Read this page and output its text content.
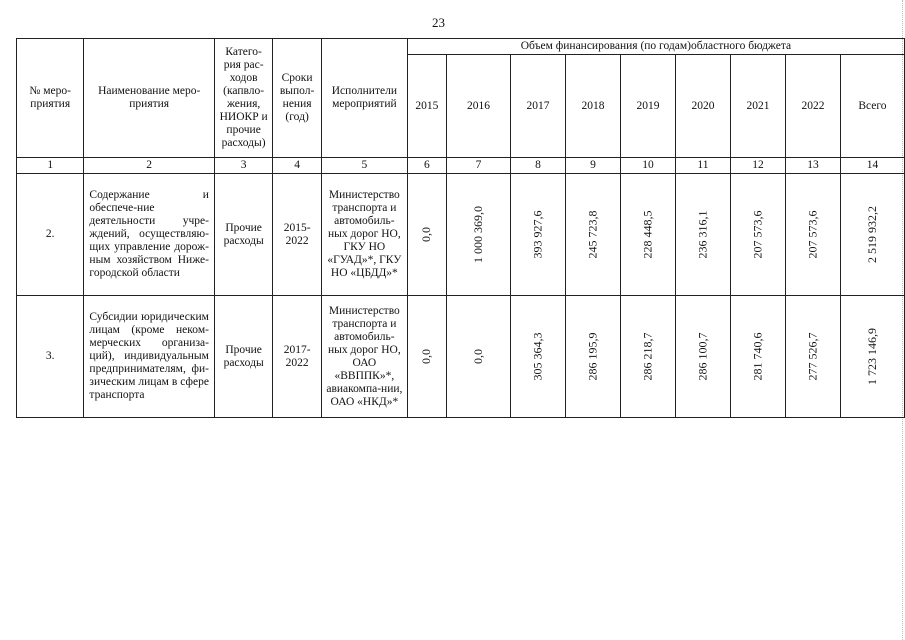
23
№ меро-приятия	Наименование меро-приятия	Катего-рия рас-ходов (капвло-жения, НИОКР и прочие расходы)	Сроки выпол-нения (год)	Исполнители мероприятий	Объем финансирования (по годам)областного бюджета								
					2015	2016	2017	2018	2019	2020	2021	2022	Всего
1	2	3	4	5	6	7	8	9	10	11	12	13	14
2.	Содержание и обеспече-ние деятельности учре-ждений, осуществляю-щих управление дорож-ным хозяйством Ниже-городской области	Прочие расходы	2015-2022	Министерство транспорта и автомобиль-ных дорог НО, ГКУ НО «ГУАД»*, ГКУ НО «ЦБДД»*	0,0	1 000 369,0	393 927,6	245 723,8	228 448,5	236 316,1	207 573,6	207 573,6	2 519 932,2
3.	Субсидии юридическим лицам (кроме неком-мерческих организа-ций), индивидуальным предпринимателям, фи-зическим лицам в сфере транспорта	Прочие расходы	2017-2022	Министерство транспорта и автомобиль-ных дорог НО, ОАО «ВВППК»*, авиакомпа-нии, ОАО «НКД»*	0,0	0,0	305 364,3	286 195,9	286 218,7	286 100,7	281 740,6	277 526,7	1 723 146,9
